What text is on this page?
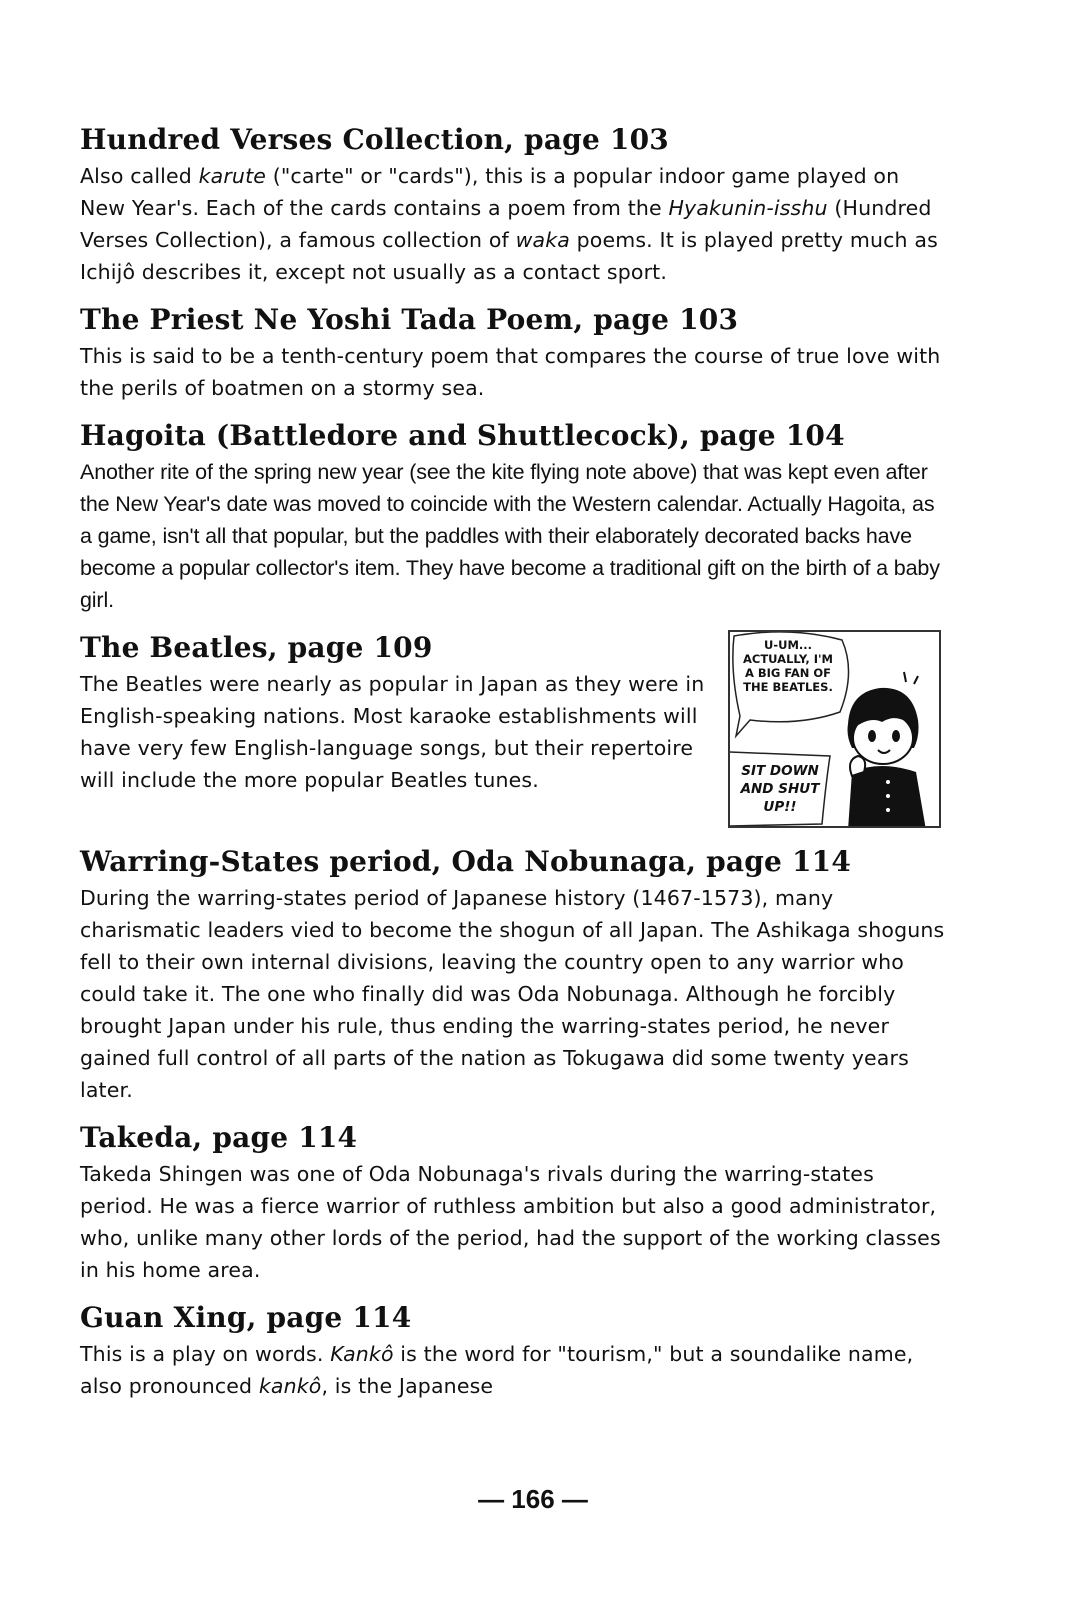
Hundred Verses Collection, page 103

Also called karute ("carte" or "cards"), this is a popular indoor game played on New Year's. Each of the cards contains a poem from the Hyakunin-isshu (Hundred Verses Collection), a famous collection of waka poems. It is played pretty much as Ichijô describes it, except not usually as a contact sport.

The Priest Ne Yoshi Tada Poem, page 103

This is said to be a tenth-century poem that compares the course of true love with the perils of boatmen on a stormy sea.

Hagoita (Battledore and Shuttlecock), page 104

Another rite of the spring new year (see the kite flying note above) that was kept even after the New Year's date was moved to coincide with the Western calendar. Actually Hagoita, as a game, isn't all that popular, but the paddles with their elaborately decorated backs have become a popular collector's item. They have become a traditional gift on the birth of a baby girl.

The Beatles, page 109

The Beatles were nearly as popular in Japan as they were in English-speaking nations. Most karaoke establishments will have very few English-language songs, but their repertoire will include the more popular Beatles tunes.

U-UM... ACTUALLY, I'M A BIG FAN OF THE BEATLES.
SIT DOWN AND SHUT UP!!
Warring-States period, Oda Nobunaga, page 114

During the warring-states period of Japanese history (1467-1573), many charismatic leaders vied to become the shogun of all Japan. The Ashikaga shoguns fell to their own internal divisions, leaving the country open to any warrior who could take it. The one who finally did was Oda Nobunaga. Although he forcibly brought Japan under his rule, thus ending the warring-states period, he never gained full control of all parts of the nation as Tokugawa did some twenty years later.

Takeda, page 114

Takeda Shingen was one of Oda Nobunaga's rivals during the warring-states period. He was a fierce warrior of ruthless ambition but also a good administrator, who, unlike many other lords of the period, had the support of the working classes in his home area.

Guan Xing, page 114

This is a play on words. Kankô is the word for "tourism," but a soundalike name, also pronounced kankô, is the Japanese

— 166 —
